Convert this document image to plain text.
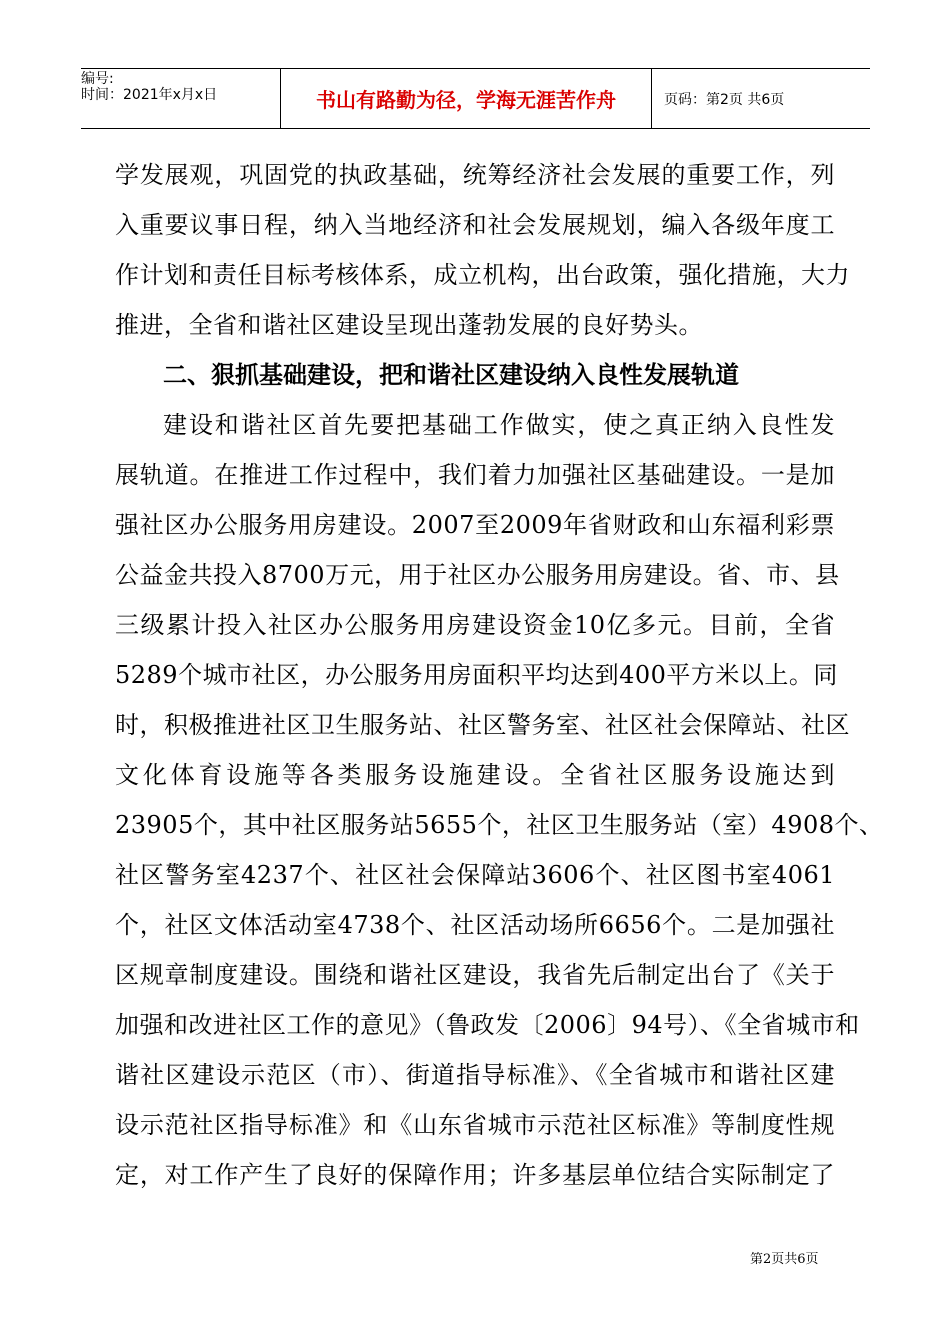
编号:
时间：2021年x月x日	书山有路勤为径，学海无涯苦作舟	页码：第2页 共6页
学发展观，巩固党的执政基础，统筹经济社会发展的重要工作，列
入重要议事日程，纳入当地经济和社会发展规划，编入各级年度工
作计划和责任目标考核体系，成立机构，出台政策，强化措施，大力
推进，全省和谐社区建设呈现出蓬勃发展的良好势头。
二、狠抓基础建设，把和谐社区建设纳入良性发展轨道
建设和谐社区首先要把基础工作做实，使之真正纳入良性发
展轨道。在推进工作过程中，我们着力加强社区基础建设。一是加
强社区办公服务用房建设。2007至2009年省财政和山东福利彩票
公益金共投入8700万元，用于社区办公服务用房建设。省、市、县
三级累计投入社区办公服务用房建设资金10亿多元。目前，全省
5289个城市社区，办公服务用房面积平均达到400平方米以上。同
时，积极推进社区卫生服务站、社区警务室、社区社会保障站、社区
文化体育设施等各类服务设施建设。全省社区服务设施达到
23905个，其中社区服务站5655个，社区卫生服务站（室）4908个、
社区警务室4237个、社区社会保障站3606个、社区图书室4061
个，社区文体活动室4738个、社区活动场所6656个。二是加强社
区规章制度建设。围绕和谐社区建设，我省先后制定出台了《关于
加强和改进社区工作的意见》（鲁政发〔2006〕94号）、《全省城市和
谐社区建设示范区（市）、街道指导标准》、《全省城市和谐社区建
设示范社区指导标准》和《山东省城市示范社区标准》等制度性规
定，对工作产生了良好的保障作用；许多基层单位结合实际制定了
第2页共6页
